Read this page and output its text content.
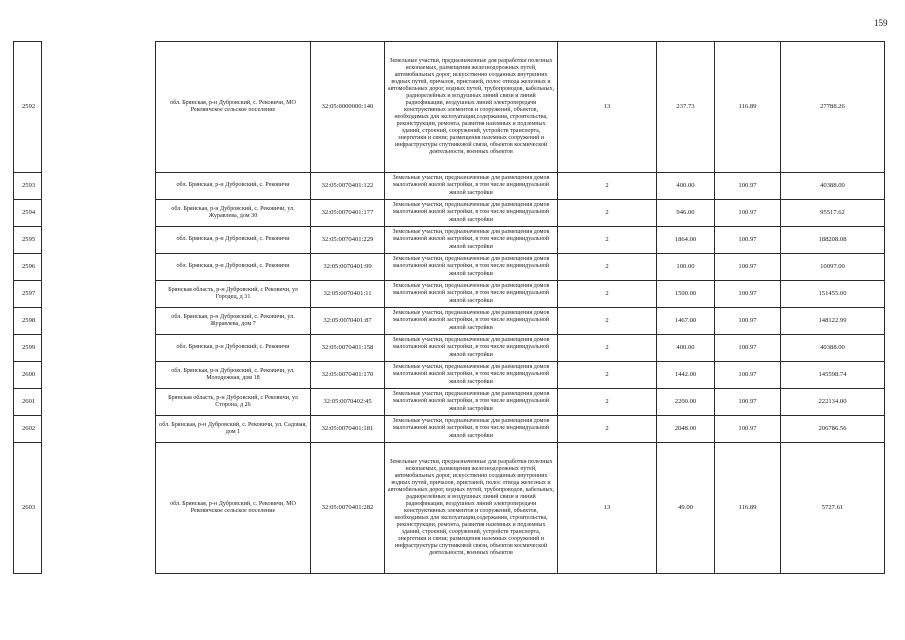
159
2592		обл. Брянская, р-н Дубровский, с. Рековичи, МО Рековичское сельское поселение	32:05:0000000:140	Земельные участки, предназначенные для разработки полезных ископаемых, размещения железнодорожных путей, автомобильных дорог, искусственно созданных внутренних водных путей, причалов, пристаней, полос отвода железных и автомобильных дорог, водных путей, трубопроводов, кабельных, радиорелейных и воздушных линий связи и линий радиофикации, воздушных линий электропередачи конструктивных элементов и сооружений, объектов, необходимых для эксплуатации,содержания, строительства, реконструкции, ремонта, развития наземных и подземных зданий, строений, сооружений, устройств транспорта, энергетики и связи; размещения наземных сооружений и инфраструктуры спутниковой связи, объектов космической деятельности, военных объектов	13	237.73	116.89	27788.26
2593		обл. Брянская, р-н Дубровский, с. Рековичи	32:05:0070401:122	Земельные участки, предназначенные для размещения домов малоэтажной жилой застройки, в том числе индивидуальной жилой застройки	2	400.00	100.97	40388.00
2594		обл. Брянская, р-н Дубровский, с. Рековичи, ул. Журавлева, дом 30	32:05:0070401:177	Земельные участки, предназначенные для размещения домов малоэтажной жилой застройки, в том числе индивидуальной жилой застройки	2	946.00	100.97	95517.62
2595		обл. Брянская, р-н Дубровский, с. Рековичи	32:05:0070401:229	Земельные участки, предназначенные для размещения домов малоэтажной жилой застройки, в том числе индивидуальной жилой застройки	2	1864.00	100.97	188208.08
2596		обл. Брянская, р-н Дубровский, с. Рековичи	32:05:0070401:99	Земельные участки, предназначенные для размещения домов малоэтажной жилой застройки, в том числе индивидуальной жилой застройки	2	100.00	100.97	10097.00
2597		Брянская область, р-н Дубровский, с Рековичи, ул Городец, д 31	32:05:0070401:11	Земельные участки, предназначенные для размещения домов малоэтажной жилой застройки, в том числе индивидуальной жилой застройки	2	1500.00	100.97	151455.00
2598		обл. Брянская, р-н Дубровский, с. Рековичи, ул. Журавлева, дом 7	32:05:0070401:87	Земельные участки, предназначенные для размещения домов малоэтажной жилой застройки, в том числе индивидуальной жилой застройки	2	1467.00	100.97	148122.99
2599		обл. Брянская, р-н Дубровский, с. Рековичи	32:05:0070401:158	Земельные участки, предназначенные для размещения домов малоэтажной жилой застройки, в том числе индивидуальной жилой застройки	2	400.00	100.97	40388.00
2600		обл. Брянская, р-н Дубровский, с. Рековичи, ул. Молодежная, дом 18	32:05:0070401:170	Земельные участки, предназначенные для размещения домов малоэтажной жилой застройки, в том числе индивидуальной жилой застройки	2	1442.00	100.97	145598.74
2601		Брянская область, р-н Дубровский, с Рековичи, ул Сторона, д 26	32:05:0070402:45	Земельные участки, предназначенные для размещения домов малоэтажной жилой застройки, в том числе индивидуальной жилой застройки	2	2200.00	100.97	222134.00
2602		обл. Брянская, р-н Дубровский, с. Рековичи, ул. Садовая, дом 1	32:05:0070401:181	Земельные участки, предназначенные для размещения домов малоэтажной жилой застройки, в том числе индивидуальной жилой застройки	2	2048.00	100.97	206786.56
2603		обл. Брянская, р-н Дубровский, с. Рековичи, МО Рековичское сельское поселение	32:05:0070401:282	Земельные участки, предназначенные для разработки полезных ископаемых, размещения железнодорожных путей, автомобильных дорог, искусственно созданных внутренних водных путей, причалов, пристаней, полос отвода железных и автомобильных дорог, водных путей, трубопроводов, кабельных, радиорелейных и воздушных линий связи и линий радиофикации, воздушных линий электропередачи конструктивных элементов и сооружений, объектов, необходимых для эксплуатации,содержания, строительства, реконструкции, ремонта, развития наземных и подземных зданий, строений, сооружений, устройств транспорта, энергетики и связи; размещения наземных сооружений и инфраструктуры спутниковой связи, объектов космической деятельности, военных объектов	13	49.00	116.89	5727.61
